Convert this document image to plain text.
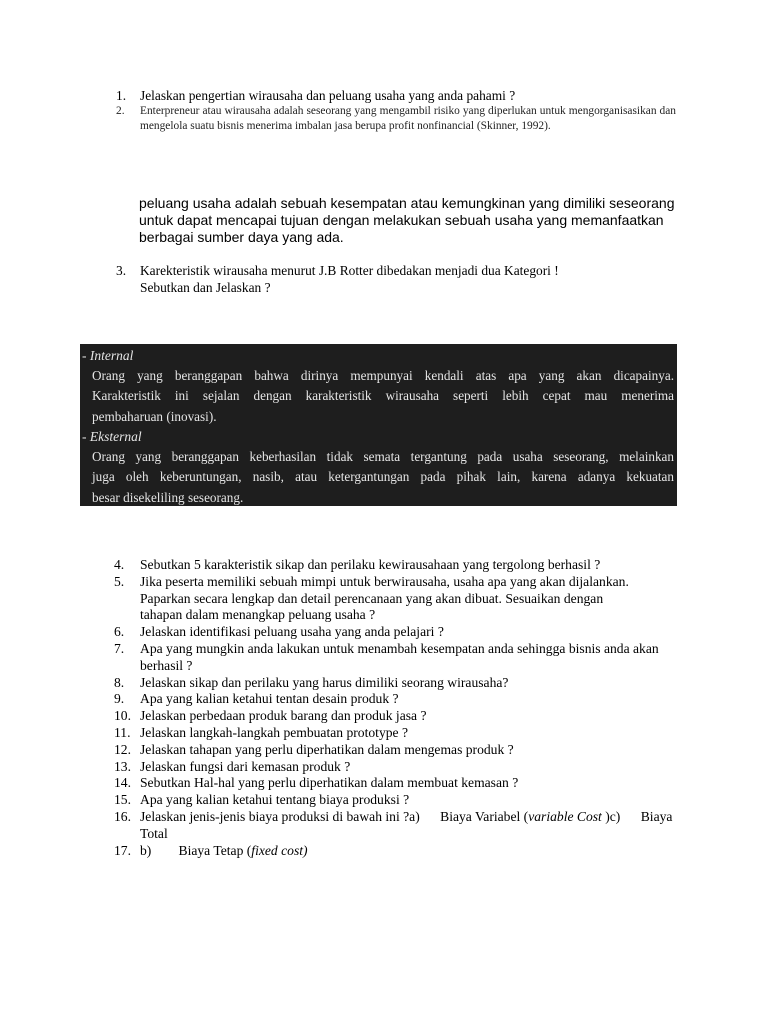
1. Jelaskan pengertian wirausaha dan peluang usaha yang anda pahami ?
2. Enterpreneur atau wirausaha adalah seseorang yang mengambil risiko yang diperlukan untuk mengorganisasikan dan mengelola suatu bisnis menerima imbalan jasa berupa profit nonfinancial (Skinner, 1992).
peluang usaha adalah sebuah kesempatan atau kemungkinan yang dimiliki seseorang untuk dapat mencapai tujuan dengan melakukan sebuah usaha yang memanfaatkan berbagai sumber daya yang ada.
3. Karekteristik wirausaha menurut J.B Rotter dibedakan menjadi dua Kategori !
Sebutkan dan Jelaskan ?
- Internal
Orang yang beranggapan bahwa dirinya mempunyai kendali atas apa yang akan dicapainya.
Karakteristik ini sejalan dengan karakteristik wirausaha seperti lebih cepat mau menerima
pembaharuan (inovasi).
- Eksternal
Orang yang beranggapan keberhasilan tidak semata tergantung pada usaha seseorang, melainkan
juga oleh keberuntungan, nasib, atau ketergantungan pada pihak lain, karena adanya kekuatan
besar disekeliling seseorang.
4. Sebutkan 5 karakteristik sikap dan perilaku kewirausahaan yang tergolong berhasil ?
5. Jika peserta memiliki sebuah mimpi untuk berwirausaha, usaha apa yang akan dijalankan. Paparkan secara lengkap dan detail perencanaan yang akan dibuat. Sesuaikan dengan tahapan dalam menangkap peluang usaha ?
6. Jelaskan identifikasi peluang usaha yang anda pelajari ?
7. Apa yang mungkin anda lakukan untuk menambah kesempatan anda sehingga bisnis anda akan berhasil ?
8. Jelaskan sikap dan perilaku yang harus dimiliki seorang wirausaha?
9. Apa yang kalian ketahui tentan desain produk ?
10. Jelaskan perbedaan produk barang dan produk jasa ?
11. Jelaskan langkah-langkah pembuatan prototype ?
12. Jelaskan tahapan yang perlu diperhatikan dalam mengemas produk ?
13. Jelaskan fungsi dari kemasan produk ?
14. Sebutkan Hal-hal yang perlu diperhatikan dalam membuat kemasan ?
15. Apa yang kalian ketahui tentang biaya produksi ?
16. Jelaskan jenis-jenis biaya produksi di bawah ini ?a)      Biaya Variabel (variable Cost )c)      Biaya Total
17. b)        Biaya Tetap (fixed cost)
